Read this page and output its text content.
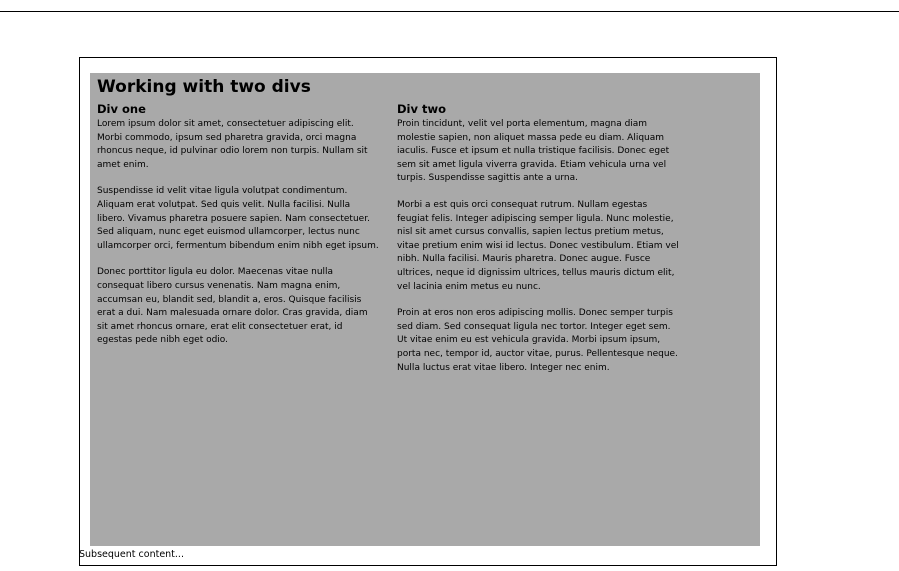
Working with two divs
Div one

Lorem ipsum dolor sit amet, consectetuer adipiscing elit. Morbi commodo, ipsum sed pharetra gravida, orci magna rhoncus neque, id pulvinar odio lorem non turpis. Nullam sit amet enim.

Suspendisse id velit vitae ligula volutpat condimentum. Aliquam erat volutpat. Sed quis velit. Nulla facilisi. Nulla libero. Vivamus pharetra posuere sapien. Nam consectetuer. Sed aliquam, nunc eget euismod ullamcorper, lectus nunc ullamcorper orci, fermentum bibendum enim nibh eget ipsum.

Donec porttitor ligula eu dolor. Maecenas vitae nulla consequat libero cursus venenatis. Nam magna enim, accumsan eu, blandit sed, blandit a, eros. Quisque facilisis erat a dui. Nam malesuada ornare dolor. Cras gravida, diam sit amet rhoncus ornare, erat elit consectetuer erat, id egestas pede nibh eget odio.

Div two

Proin tincidunt, velit vel porta elementum, magna diam molestie sapien, non aliquet massa pede eu diam. Aliquam iaculis. Fusce et ipsum et nulla tristique facilisis. Donec eget sem sit amet ligula viverra gravida. Etiam vehicula urna vel turpis. Suspendisse sagittis ante a urna.

Morbi a est quis orci consequat rutrum. Nullam egestas feugiat felis. Integer adipiscing semper ligula. Nunc molestie, nisl sit amet cursus convallis, sapien lectus pretium metus, vitae pretium enim wisi id lectus. Donec vestibulum. Etiam vel nibh. Nulla facilisi. Mauris pharetra. Donec augue. Fusce ultrices, neque id dignissim ultrices, tellus mauris dictum elit, vel lacinia enim metus eu nunc.

Proin at eros non eros adipiscing mollis. Donec semper turpis sed diam. Sed consequat ligula nec tortor. Integer eget sem. Ut vitae enim eu est vehicula gravida. Morbi ipsum ipsum, porta nec, tempor id, auctor vitae, purus. Pellentesque neque. Nulla luctus erat vitae libero. Integer nec enim.

Subsequent content...
